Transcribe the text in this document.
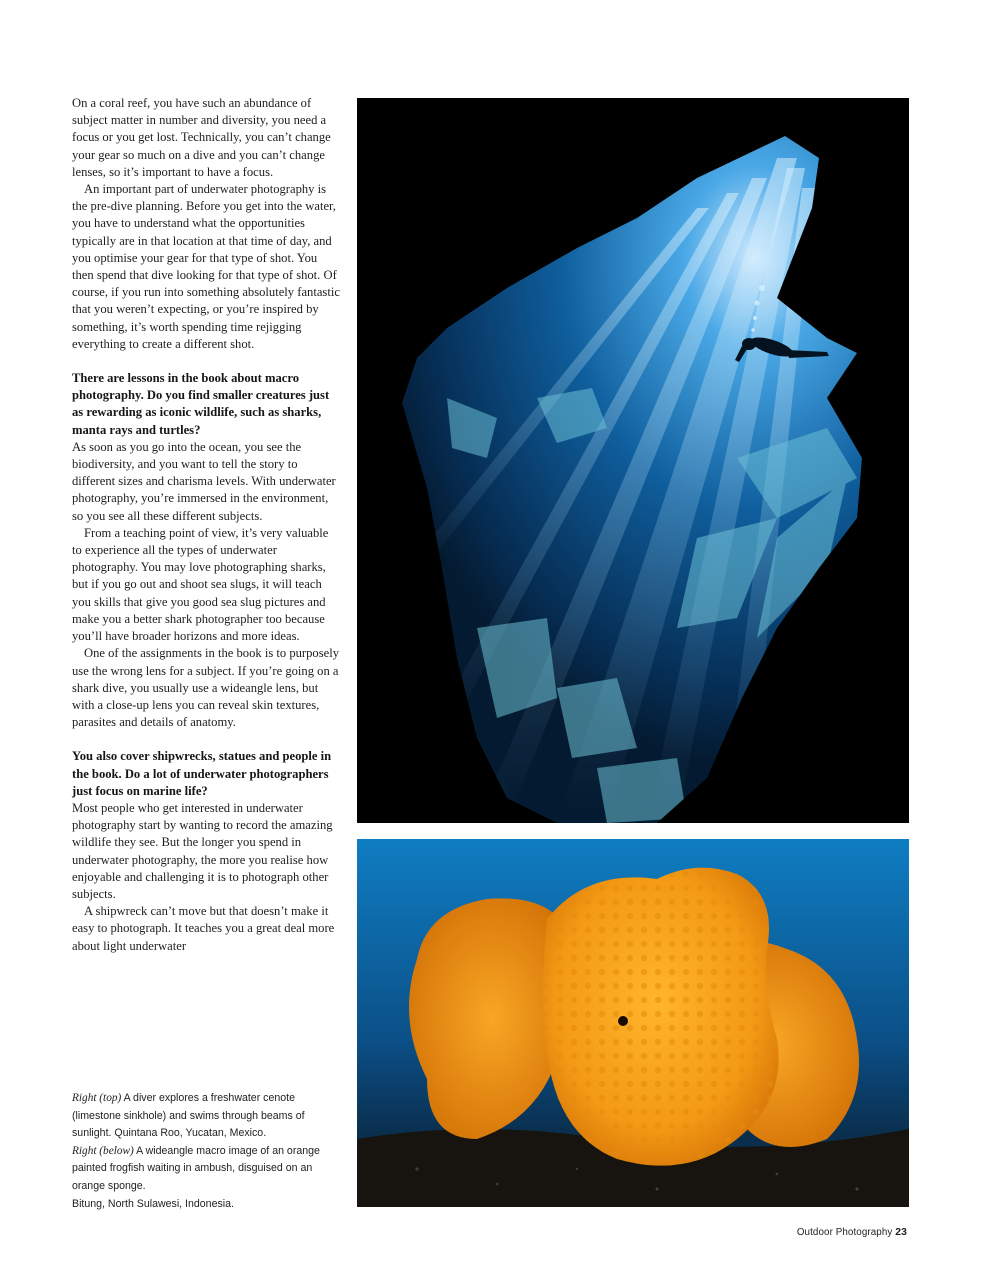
On a coral reef, you have such an abundance of subject matter in number and diversity, you need a focus or you get lost. Technically, you can’t change your gear so much on a dive and you can’t change lenses, so it’s important to have a focus.

An important part of underwater photography is the pre-dive planning. Before you get into the water, you have to understand what the opportunities typically are in that location at that time of day, and you optimise your gear for that type of shot. You then spend that dive looking for that type of shot. Of course, if you run into something absolutely fantastic that you weren’t expecting, or you’re inspired by something, it’s worth spending time rejigging everything to create a different shot.

There are lessons in the book about macro photography. Do you find smaller creatures just as rewarding as iconic wildlife, such as sharks, manta rays and turtles?

As soon as you go into the ocean, you see the biodiversity, and you want to tell the story to different sizes and charisma levels. With underwater photography, you’re immersed in the environment, so you see all these different subjects.

From a teaching point of view, it’s very valuable to experience all the types of underwater photography. You may love photographing sharks, but if you go out and shoot sea slugs, it will teach you skills that give you good sea slug pictures and make you a better shark photographer too because you’ll have broader horizons and more ideas.

One of the assignments in the book is to purposely use the wrong lens for a subject. If you’re going on a shark dive, you usually use a wideangle lens, but with a close-up lens you can reveal skin textures, parasites and details of anatomy.

You also cover shipwrecks, statues and people in the book. Do a lot of underwater photographers just focus on marine life?

Most people who get interested in underwater photography start by wanting to record the amazing wildlife they see. But the longer you spend in underwater photography, the more you realise how enjoyable and challenging it is to photograph other subjects.

A shipwreck can’t move but that doesn’t make it easy to photograph. It teaches you a great deal more about light underwater

Right (top) A diver explores a freshwater cenote (limestone sinkhole) and swims through beams of sunlight. Quintana Roo, Yucatan, Mexico.

Right (below) A wideangle macro image of an orange painted frogfish waiting in ambush, disguised on an orange sponge.

Bitung, North Sulawesi, Indonesia.

Outdoor Photography 23
